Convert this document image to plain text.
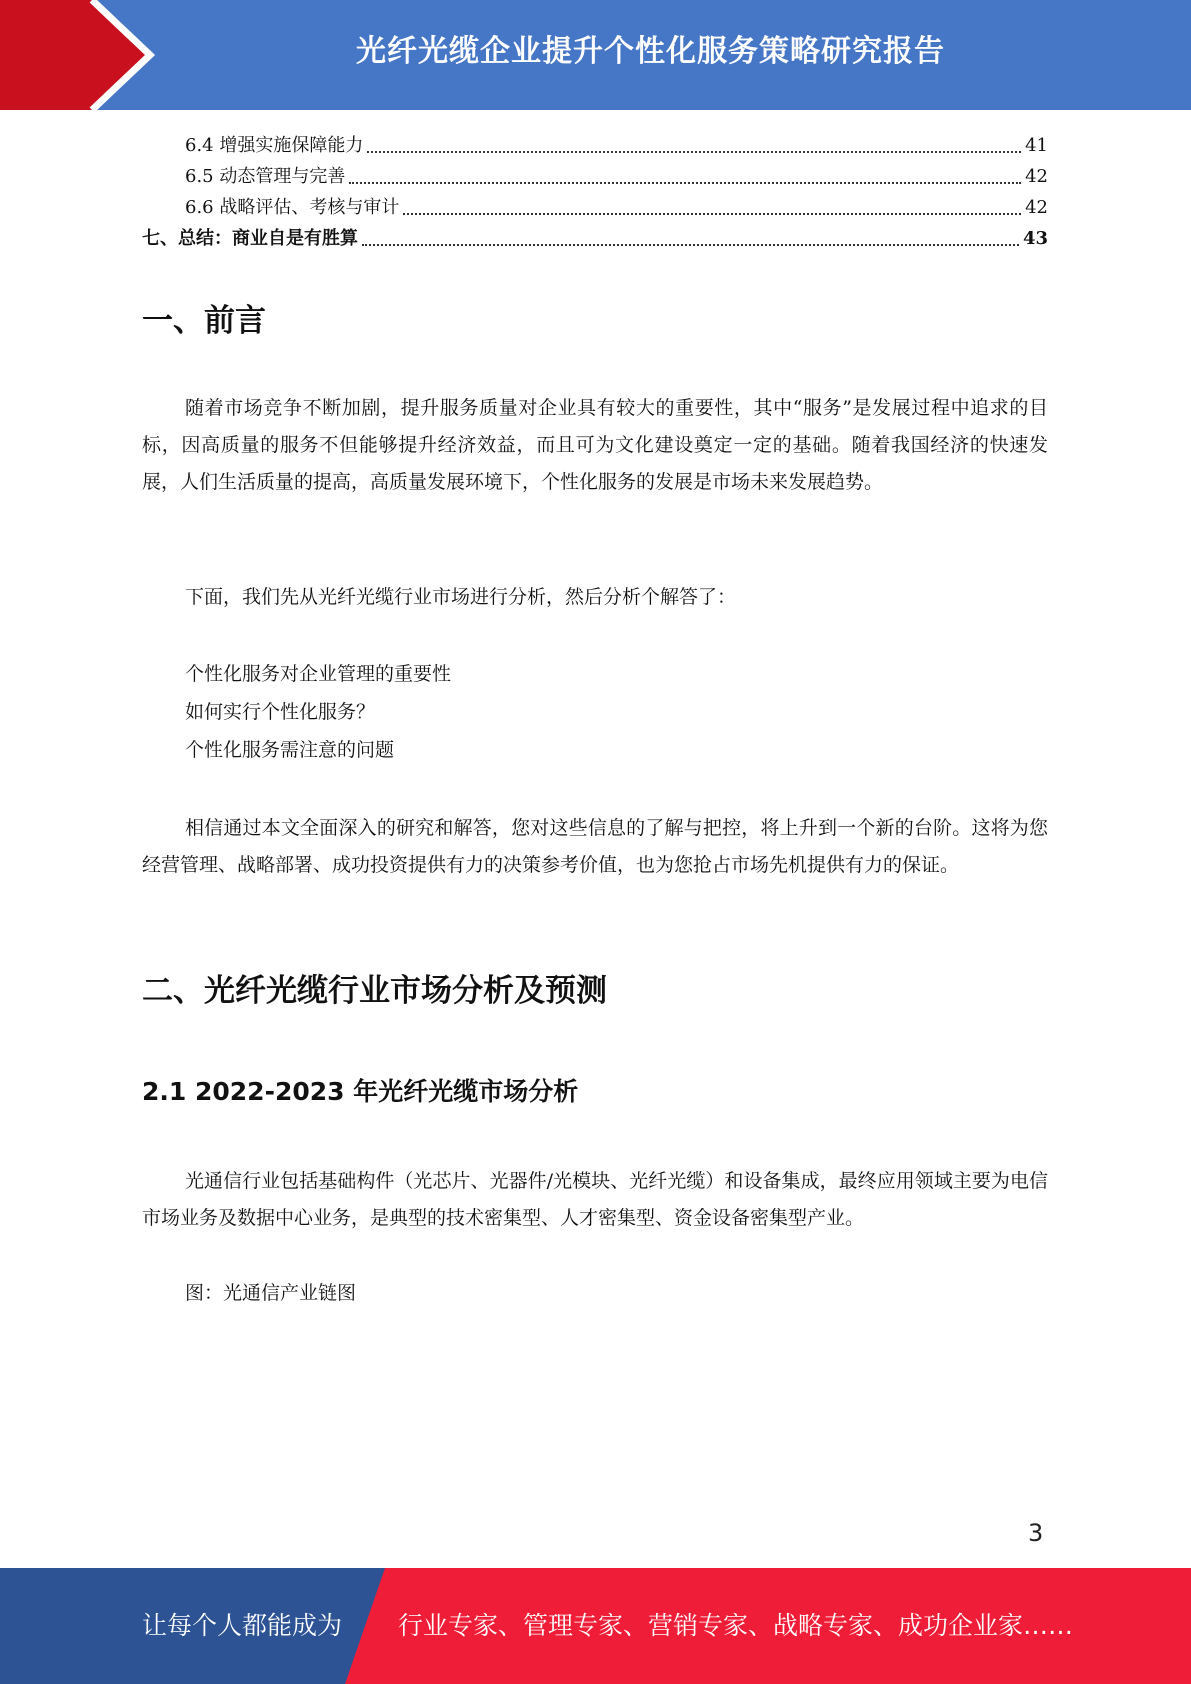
光纤光缆企业提升个性化服务策略研究报告
6.4 增强实施保障能力	41
6.5 动态管理与完善	42
6.6 战略评估、考核与审计	42
七、总结：商业自是有胜算	43
一、前言
随着市场竞争不断加剧，提升服务质量对企业具有较大的重要性，其中“服务”是发展过程中追求的目标，因高质量的服务不但能够提升经济效益，而且可为文化建设奠定一定的基础。随着我国经济的快速发展，人们生活质量的提高，高质量发展环境下，个性化服务的发展是市场未来发展趋势。
下面，我们先从光纤光缆行业市场进行分析，然后分析个解答了：
个性化服务对企业管理的重要性
如何实行个性化服务？
个性化服务需注意的问题
相信通过本文全面深入的研究和解答，您对这些信息的了解与把控，将上升到一个新的台阶。这将为您经营管理、战略部署、成功投资提供有力的决策参考价值，也为您抢占市场先机提供有力的保证。
二、光纤光缆行业市场分析及预测
2.1 2022-2023 年光纤光缆市场分析
光通信行业包括基础构件（光芯片、光器件/光模块、光纤光缆）和设备集成，最终应用领域主要为电信市场业务及数据中心业务，是典型的技术密集型、人才密集型、资金设备密集型产业。
图：光通信产业链图
3
让每个人都能成为 行业专家、管理专家、营销专家、战略专家、成功企业家……
